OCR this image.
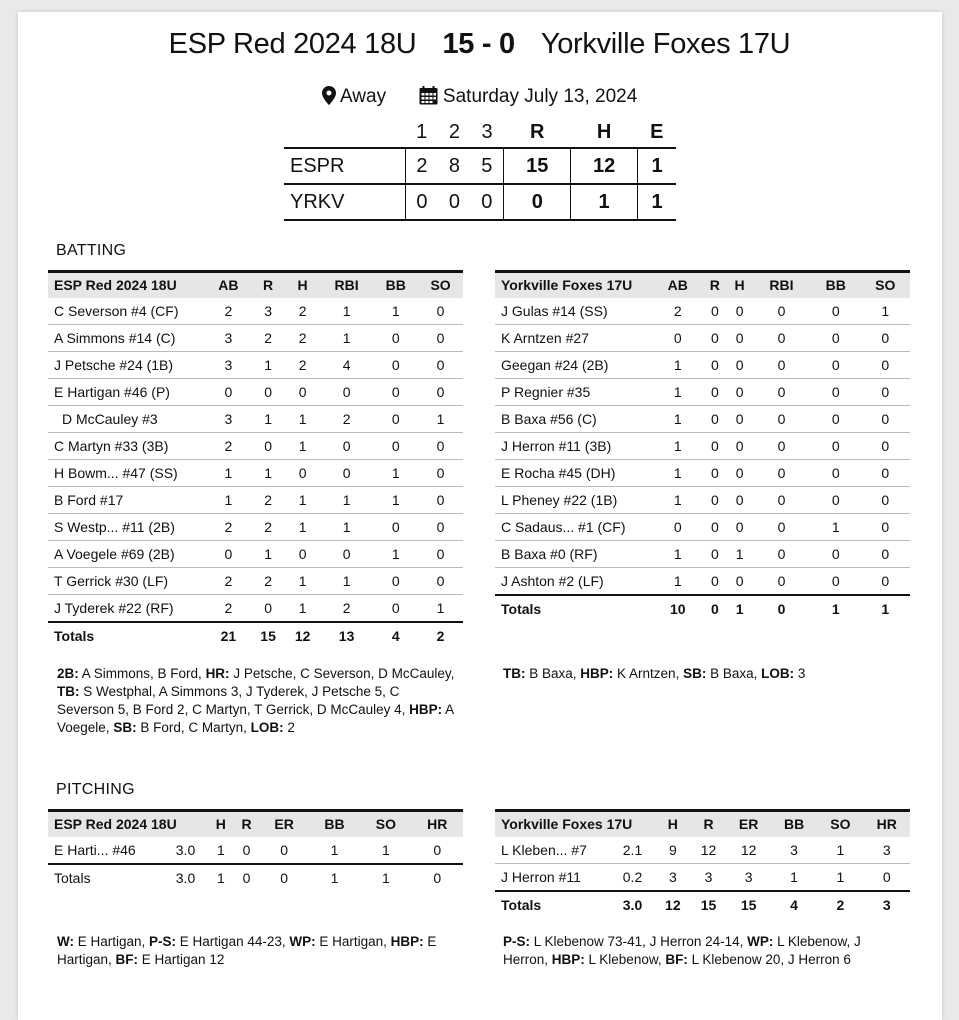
ESP Red 2024 18U 15 - 0 Yorkville Foxes 17U
Away	Saturday July 13, 2024
	1	2	3	R	H	E
ESPR	2	8	5	15	12	1
YRKV	0	0	0	0	1	1
BATTING
ESP Red 2024 18U	AB	R	H	RBI	BB	SO
C Severson #4 (CF)	2	3	2	1	1	0
A Simmons #14 (C)	3	2	2	1	0	0
J Petsche #24 (1B)	3	1	2	4	0	0
E Hartigan #46 (P)	0	0	0	0	0	0
D McCauley #3	3	1	1	2	0	1
C Martyn #33 (3B)	2	0	1	0	0	0
H Bowm... #47 (SS)	1	1	0	0	1	0
B Ford #17	1	2	1	1	1	0
S Westp... #11 (2B)	2	2	1	1	0	0
A Voegele #69 (2B)	0	1	0	0	1	0
T Gerrick #30 (LF)	2	2	1	1	0	0
J Tyderek #22 (RF)	2	0	1	2	0	1
Totals	21	15	12	13	4	2
Yorkville Foxes 17U	AB	R	H	RBI	BB	SO
J Gulas #14 (SS)	2	0	0	0	0	1
K Arntzen #27	0	0	0	0	0	0
Geegan #24 (2B)	1	0	0	0	0	0
P Regnier #35	1	0	0	0	0	0
B Baxa #56 (C)	1	0	0	0	0	0
J Herron #11 (3B)	1	0	0	0	0	0
E Rocha #45 (DH)	1	0	0	0	0	0
L Pheney #22 (1B)	1	0	0	0	0	0
C Sadaus... #1 (CF)	0	0	0	0	1	0
B Baxa #0 (RF)	1	0	1	0	0	0
J Ashton #2 (LF)	1	0	0	0	0	0
Totals	10	0	1	0	1	1
2B: A Simmons, B Ford, HR: J Petsche, C Severson, D McCauley, TB: S Westphal, A Simmons 3, J Tyderek, J Petsche 5, C Severson 5, B Ford 2, C Martyn, T Gerrick, D McCauley 4, HBP: A Voegele, SB: B Ford, C Martyn, LOB: 2
TB: B Baxa, HBP: K Arntzen, SB: B Baxa, LOB: 3
PITCHING
ESP Red 2024 18U		H	R	ER	BB	SO	HR
E Harti... #46	3.0	1	0	0	1	1	0
Totals	3.0	1	0	0	1	1	0
Yorkville Foxes 17U		H	R	ER	BB	SO	HR
L Kleben... #7	2.1	9	12	12	3	1	3
J Herron #11	0.2	3	3	3	1	1	0
Totals	3.0	12	15	15	4	2	3
W: E Hartigan, P-S: E Hartigan 44-23, WP: E Hartigan, HBP: E Hartigan, BF: E Hartigan 12
P-S: L Klebenow 73-41, J Herron 24-14, WP: L Klebenow, J Herron, HBP: L Klebenow, BF: L Klebenow 20, J Herron 6
